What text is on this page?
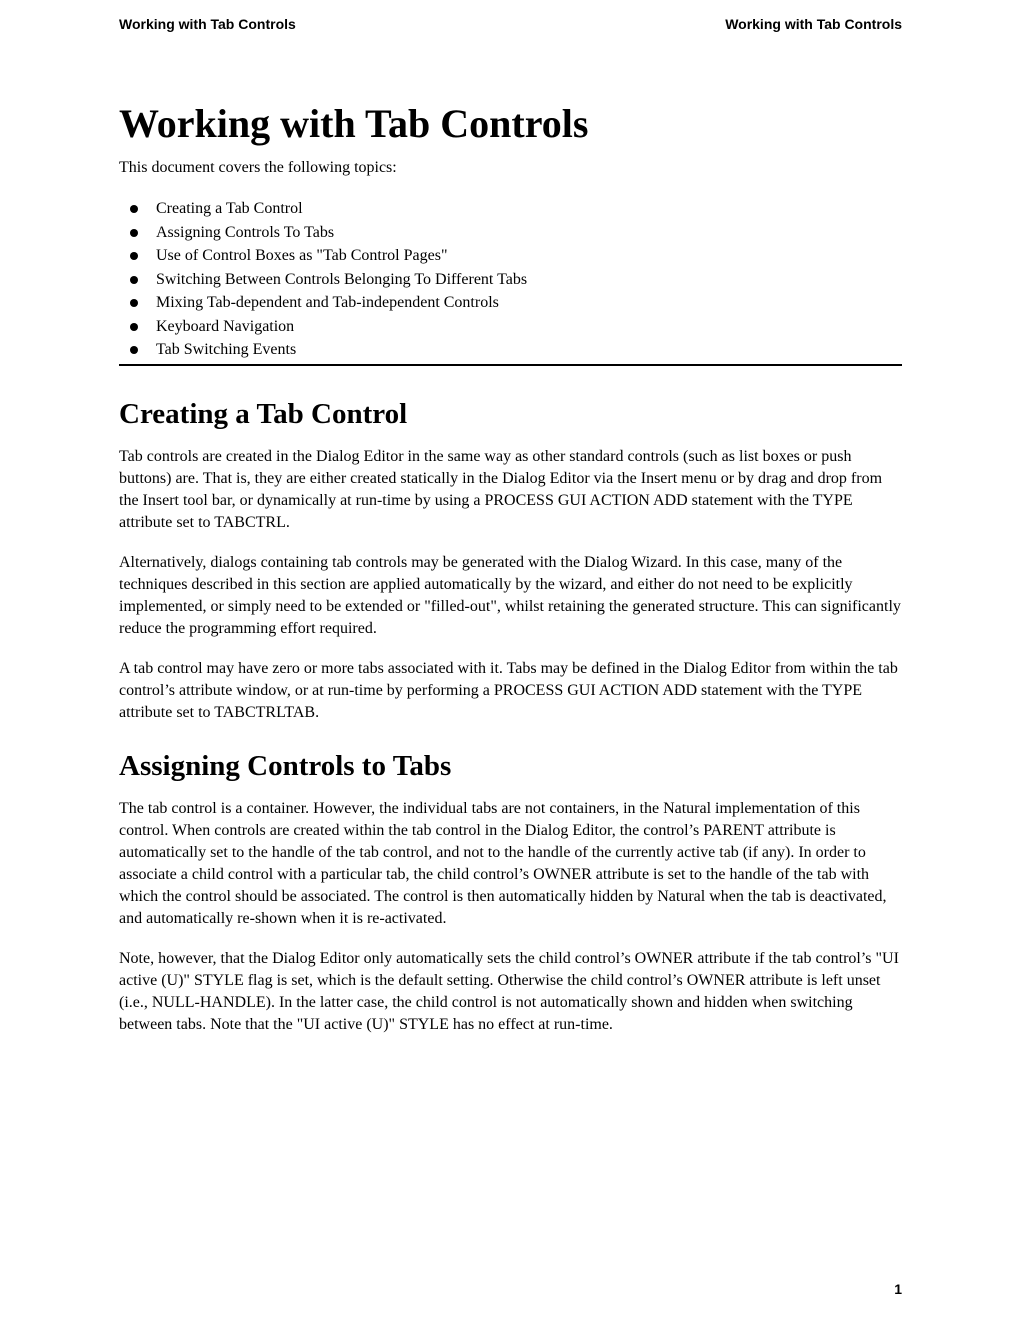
Working with Tab Controls	Working with Tab Controls
Working with Tab Controls

This document covers the following topics:

Creating a Tab Control
Assigning Controls To Tabs
Use of Control Boxes as "Tab Control Pages"
Switching Between Controls Belonging To Different Tabs
Mixing Tab-dependent and Tab-independent Controls
Keyboard Navigation
Tab Switching Events
Creating a Tab Control

Tab controls are created in the Dialog Editor in the same way as other standard controls (such as list boxes or push buttons) are. That is, they are either created statically in the Dialog Editor via the Insert menu or by drag and drop from the Insert tool bar, or dynamically at run-time by using a PROCESS GUI ACTION ADD statement with the TYPE attribute set to TABCTRL.

Alternatively, dialogs containing tab controls may be generated with the Dialog Wizard. In this case, many of the techniques described in this section are applied automatically by the wizard, and either do not need to be explicitly implemented, or simply need to be extended or "filled-out", whilst retaining the generated structure. This can significantly reduce the programming effort required.

A tab control may have zero or more tabs associated with it. Tabs may be defined in the Dialog Editor from within the tab control’s attribute window, or at run-time by performing a PROCESS GUI ACTION ADD statement with the TYPE attribute set to TABCTRLTAB.

Assigning Controls to Tabs

The tab control is a container. However, the individual tabs are not containers, in the Natural implementation of this control. When controls are created within the tab control in the Dialog Editor, the control’s PARENT attribute is automatically set to the handle of the tab control, and not to the handle of the currently active tab (if any). In order to associate a child control with a particular tab, the child control’s OWNER attribute is set to the handle of the tab with which the control should be associated. The control is then automatically hidden by Natural when the tab is deactivated, and automatically re-shown when it is re-activated.

Note, however, that the Dialog Editor only automatically sets the child control’s OWNER attribute if the tab control’s "UI active (U)" STYLE flag is set, which is the default setting. Otherwise the child control’s OWNER attribute is left unset (i.e., NULL-HANDLE). In the latter case, the child control is not automatically shown and hidden when switching between tabs. Note that the "UI active (U)" STYLE has no effect at run-time.

1
